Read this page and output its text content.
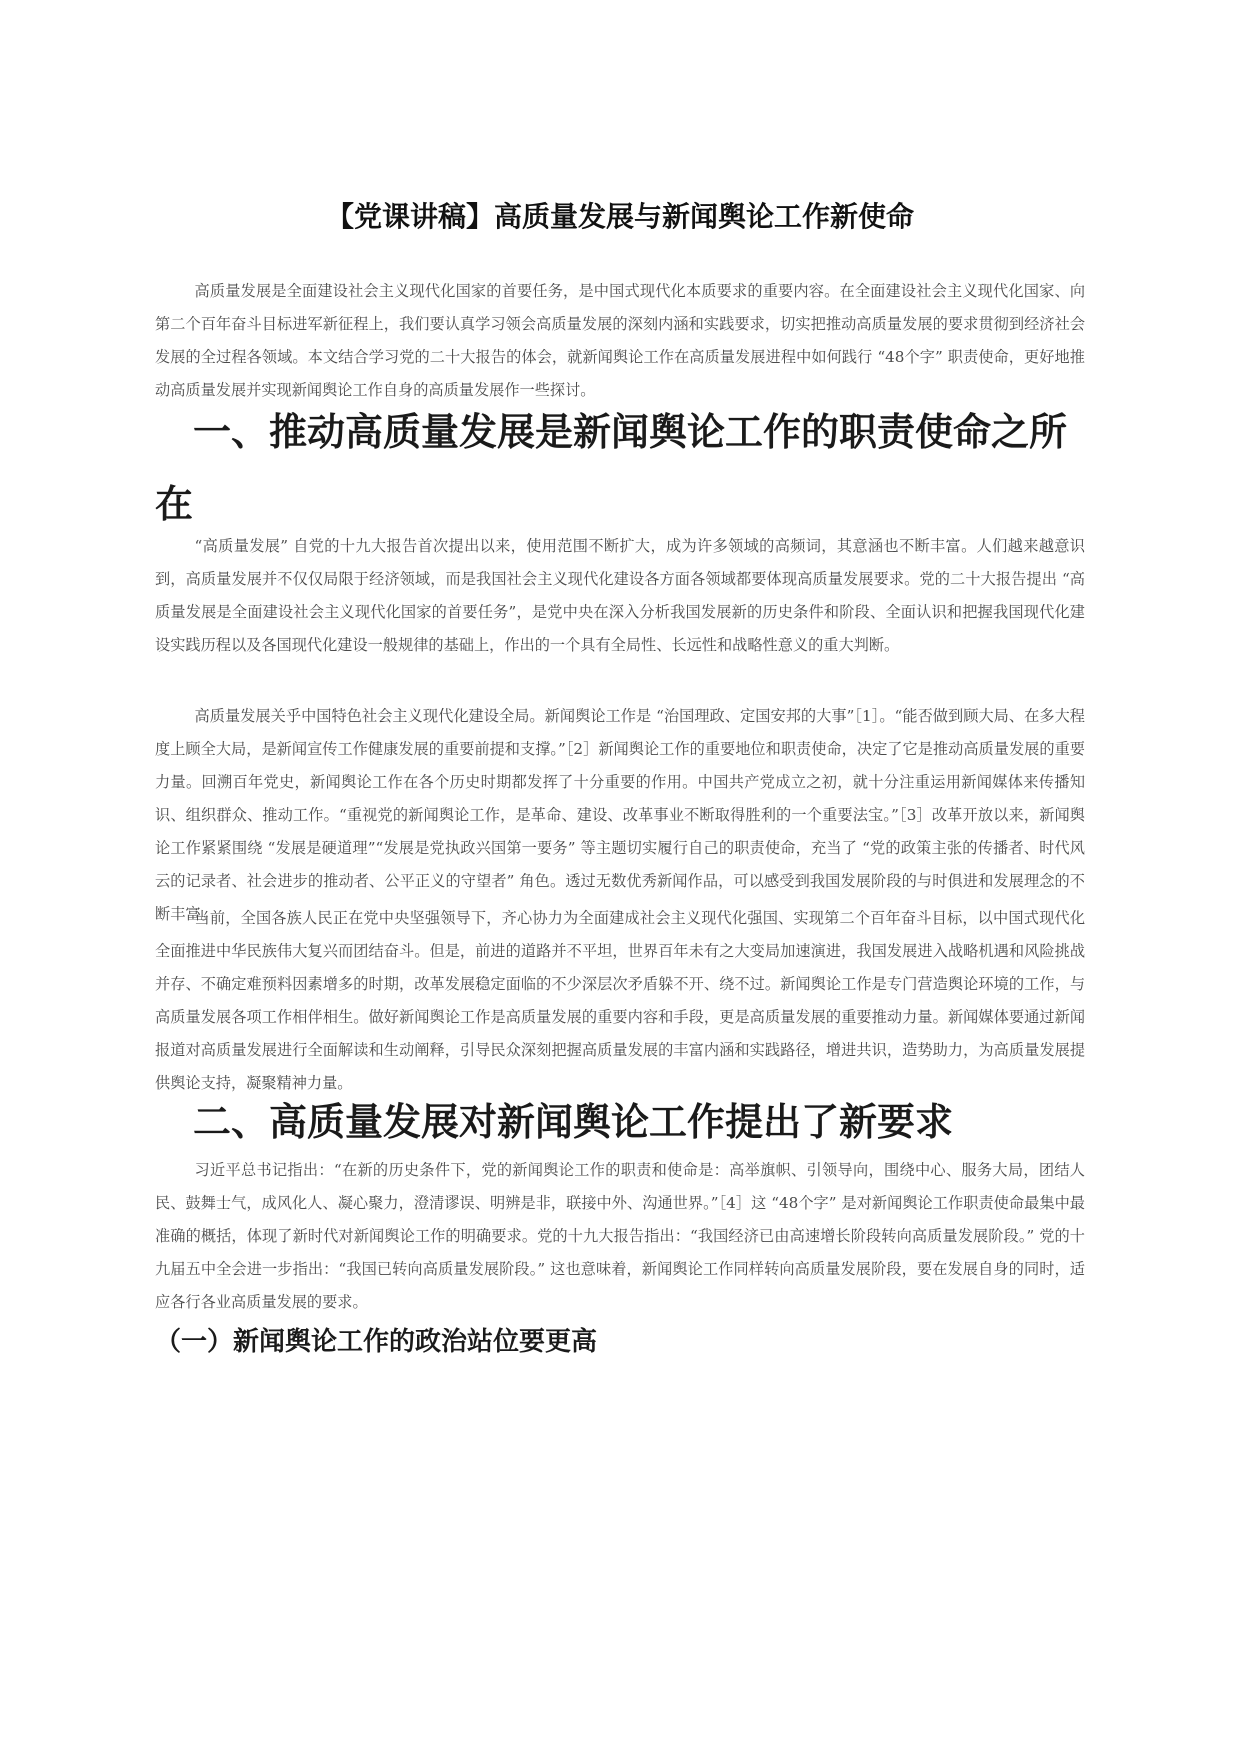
【党课讲稿】高质量发展与新闻舆论工作新使命

高质量发展是全面建设社会主义现代化国家的首要任务，是中国式现代化本质要求的重要内容。在全面建设社会主义现代化国家、向第二个百年奋斗目标进军新征程上，我们要认真学习领会高质量发展的深刻内涵和实践要求，切实把推动高质量发展的要求贯彻到经济社会发展的全过程各领域。本文结合学习党的二十大报告的体会，就新闻舆论工作在高质量发展进程中如何践行 “48个字” 职责使命，更好地推动高质量发展并实现新闻舆论工作自身的高质量发展作一些探讨。

一、推动高质量发展是新闻舆论工作的职责使命之所在

“高质量发展” 自党的十九大报告首次提出以来，使用范围不断扩大，成为许多领域的高频词，其意涵也不断丰富。人们越来越意识到，高质量发展并不仅仅局限于经济领域，而是我国社会主义现代化建设各方面各领域都要体现高质量发展要求。党的二十大报告提出 “高质量发展是全面建设社会主义现代化国家的首要任务”，是党中央在深入分析我国发展新的历史条件和阶段、全面认识和把握我国现代化建设实践历程以及各国现代化建设一般规律的基础上，作出的一个具有全局性、长远性和战略性意义的重大判断。

高质量发展关乎中国特色社会主义现代化建设全局。新闻舆论工作是 “治国理政、定国安邦的大事”［1］。“能否做到顾大局、在多大程度上顾全大局，是新闻宣传工作健康发展的重要前提和支撑。”［2］新闻舆论工作的重要地位和职责使命，决定了它是推动高质量发展的重要力量。回溯百年党史，新闻舆论工作在各个历史时期都发挥了十分重要的作用。中国共产党成立之初，就十分注重运用新闻媒体来传播知识、组织群众、推动工作。“重视党的新闻舆论工作，是革命、建设、改革事业不断取得胜利的一个重要法宝。”［3］改革开放以来，新闻舆论工作紧紧围绕 “发展是硬道理”“发展是党执政兴国第一要务” 等主题切实履行自己的职责使命，充当了 “党的政策主张的传播者、时代风云的记录者、社会进步的推动者、公平正义的守望者” 角色。透过无数优秀新闻作品，可以感受到我国发展阶段的与时俱进和发展理念的不断丰富。

当前，全国各族人民正在党中央坚强领导下，齐心协力为全面建成社会主义现代化强国、实现第二个百年奋斗目标，以中国式现代化全面推进中华民族伟大复兴而团结奋斗。但是，前进的道路并不平坦，世界百年未有之大变局加速演进，我国发展进入战略机遇和风险挑战并存、不确定难预料因素增多的时期，改革发展稳定面临的不少深层次矛盾躲不开、绕不过。新闻舆论工作是专门营造舆论环境的工作，与高质量发展各项工作相伴相生。做好新闻舆论工作是高质量发展的重要内容和手段，更是高质量发展的重要推动力量。新闻媒体要通过新闻报道对高质量发展进行全面解读和生动阐释，引导民众深刻把握高质量发展的丰富内涵和实践路径，增进共识，造势助力，为高质量发展提供舆论支持，凝聚精神力量。

二、高质量发展对新闻舆论工作提出了新要求

习近平总书记指出：“在新的历史条件下，党的新闻舆论工作的职责和使命是：高举旗帜、引领导向，围绕中心、服务大局，团结人民、鼓舞士气，成风化人、凝心聚力，澄清谬误、明辨是非，联接中外、沟通世界。”［4］这 “48个字” 是对新闻舆论工作职责使命最集中最准确的概括，体现了新时代对新闻舆论工作的明确要求。党的十九大报告指出：“我国经济已由高速增长阶段转向高质量发展阶段。” 党的十九届五中全会进一步指出：“我国已转向高质量发展阶段。” 这也意味着，新闻舆论工作同样转向高质量发展阶段，要在发展自身的同时，适应各行各业高质量发展的要求。

（一）新闻舆论工作的政治站位要更高
